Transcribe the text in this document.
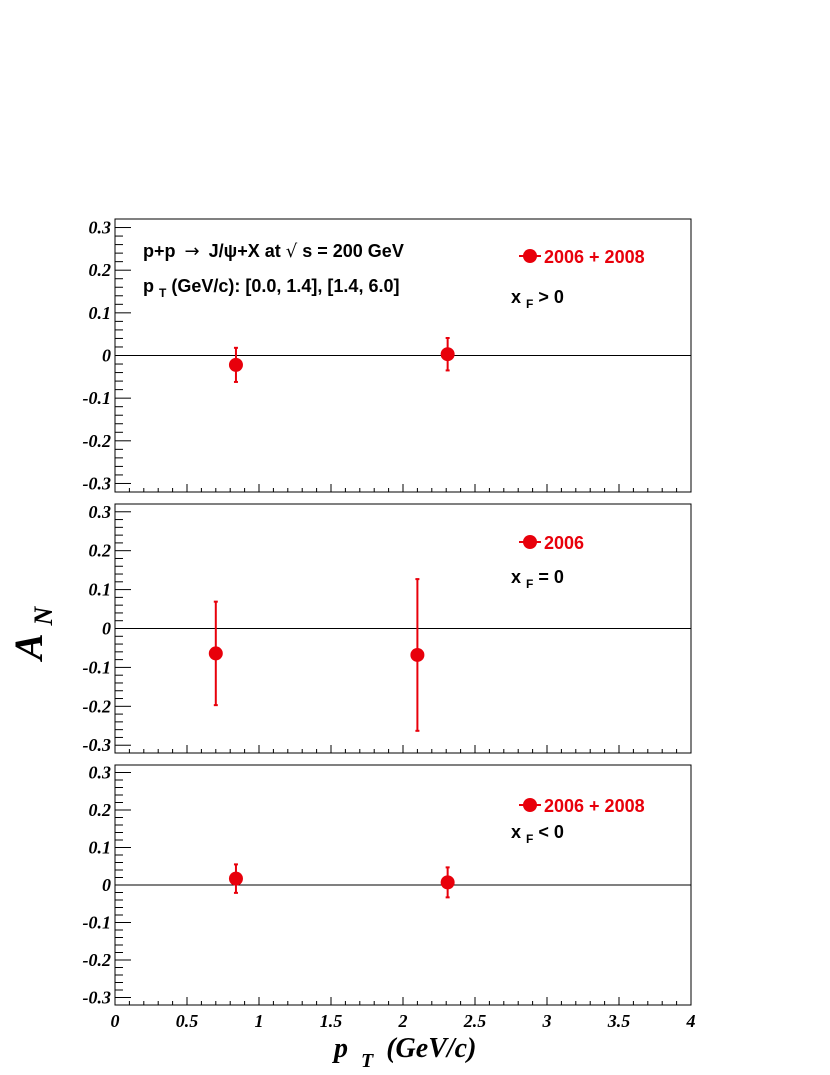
0.3
0.2
0.1
0
-0.1
-0.2
-0.3
0.3
0.2
0.1
0
-0.1
-0.2
-0.3
0.3
0.2
0.1
0
-0.1
-0.2
-0.3
0	0.5	1	1.5	2	2.5	3	3.5	4
p+p → J/ψ+X at √ s = 200 GeV
p $_T$ (GeV/c): [0.0, 1.4], [1.4, 6.0]
x $_F$ > 0
x $_F$ = 0
x $_F$ < 0
2006 + 2008
2006
2006 + 2008
A $_N$
p $_T$ (GeV/c)
